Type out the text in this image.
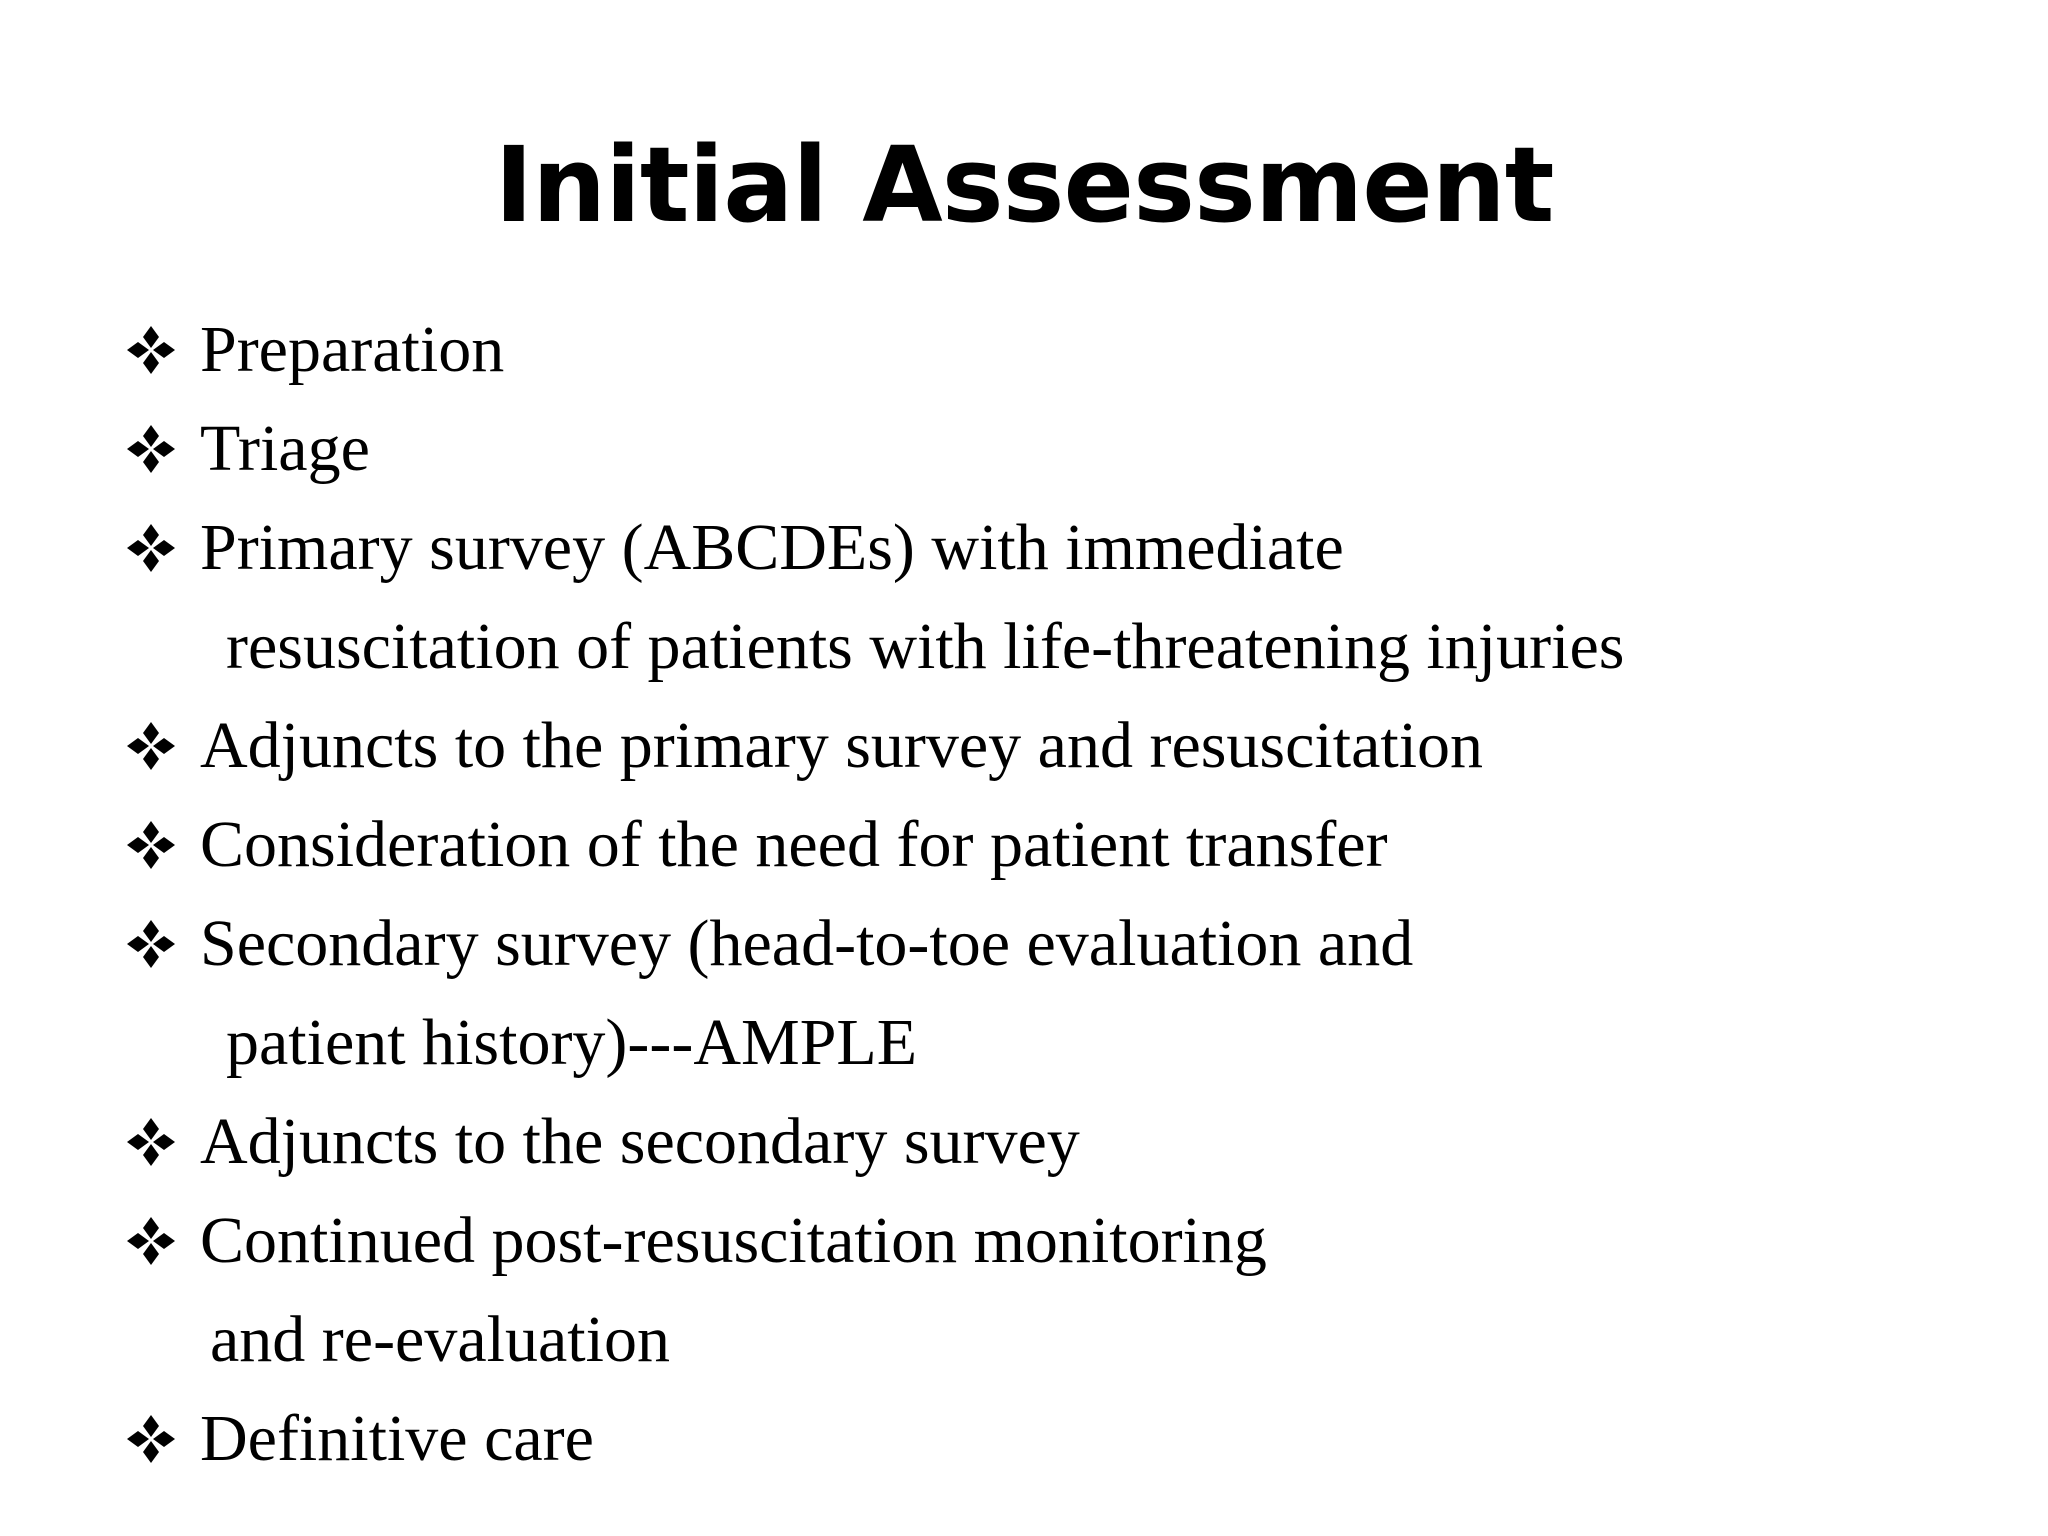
Initial Assessment
Preparation
Triage
Primary survey (ABCDEs) with immediate
resuscitation of patients with life-threatening injuries
Adjuncts to the primary survey and resuscitation
Consideration of the need for patient transfer
Secondary survey (head-to-toe evaluation and
patient history)---AMPLE
Adjuncts to the secondary survey
Continued post-resuscitation monitoring
and re-evaluation
Definitive care
